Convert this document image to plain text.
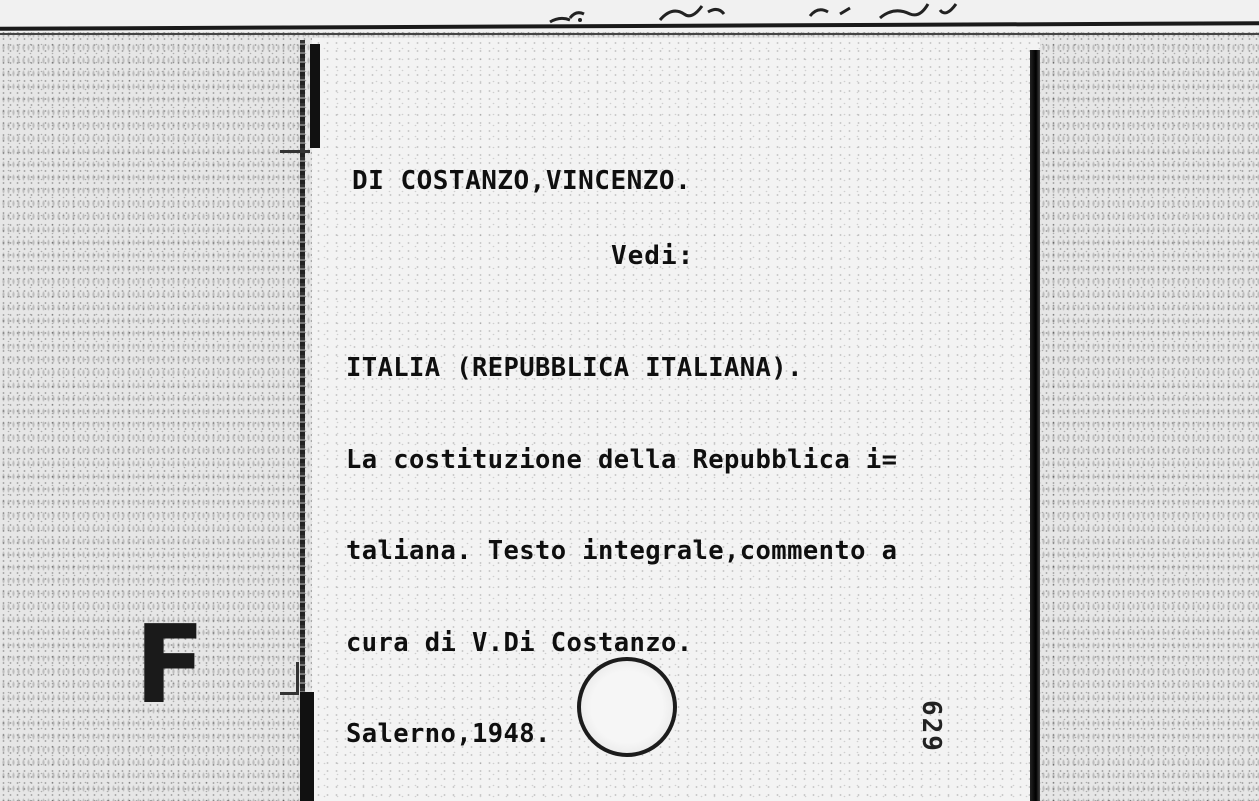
DI COSTANZO,VINCENZO.
Vedi:

ITALIA (REPUBBLICA ITALIANA).

La costituzione della Repubblica i=

taliana. Testo integrale,commento a

cura di V.Di Costanzo.

Salerno,1948.

F	629
